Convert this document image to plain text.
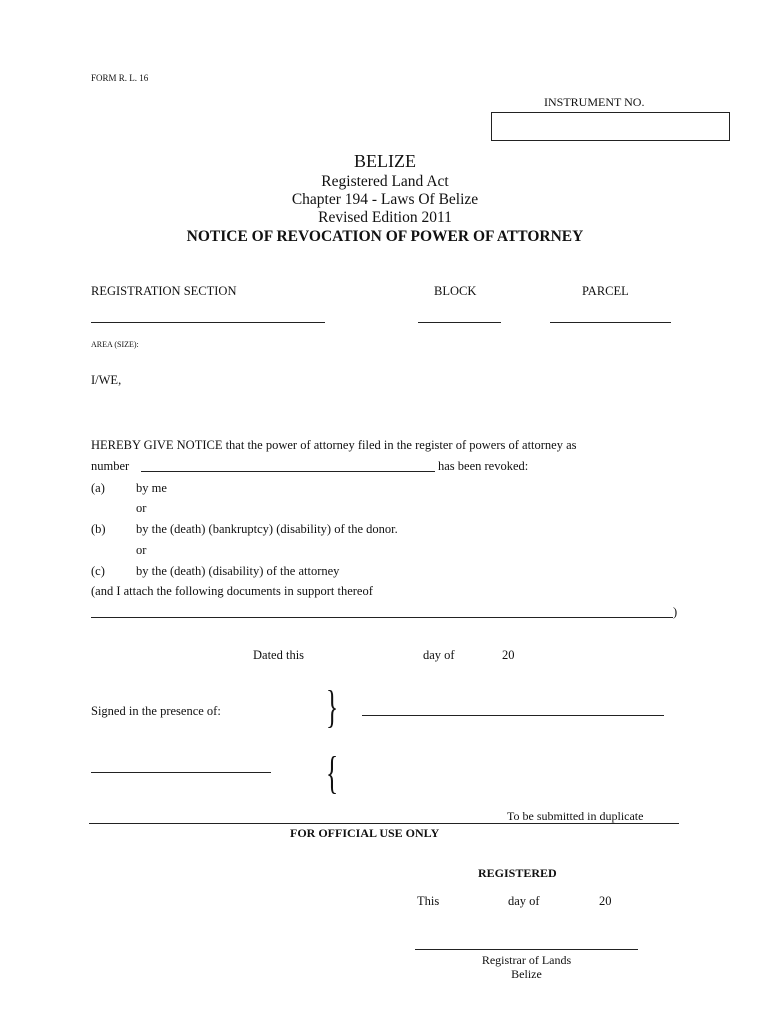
FORM R. L. 16
INSTRUMENT NO.
BELIZE
Registered Land Act
Chapter 194 - Laws Of Belize
Revised Edition 2011
NOTICE OF REVOCATION OF POWER OF ATTORNEY
REGISTRATION SECTION	BLOCK	PARCEL
AREA (SIZE):
I/WE,
HEREBY GIVE NOTICE that the power of attorney filed in the register of powers of attorney as
number	has been revoked:
(a) by me
or
(b) by the (death) (bankruptcy) (disability) of the donor.
or
(c) by the (death) (disability) of the attorney
(and I attach the following documents in support thereof
)
Dated this	day of	20
Signed in the presence of: }
{
To be submitted in duplicate
FOR OFFICIAL USE ONLY
REGISTERED
This	day of	20
Registrar of Lands
Belize
